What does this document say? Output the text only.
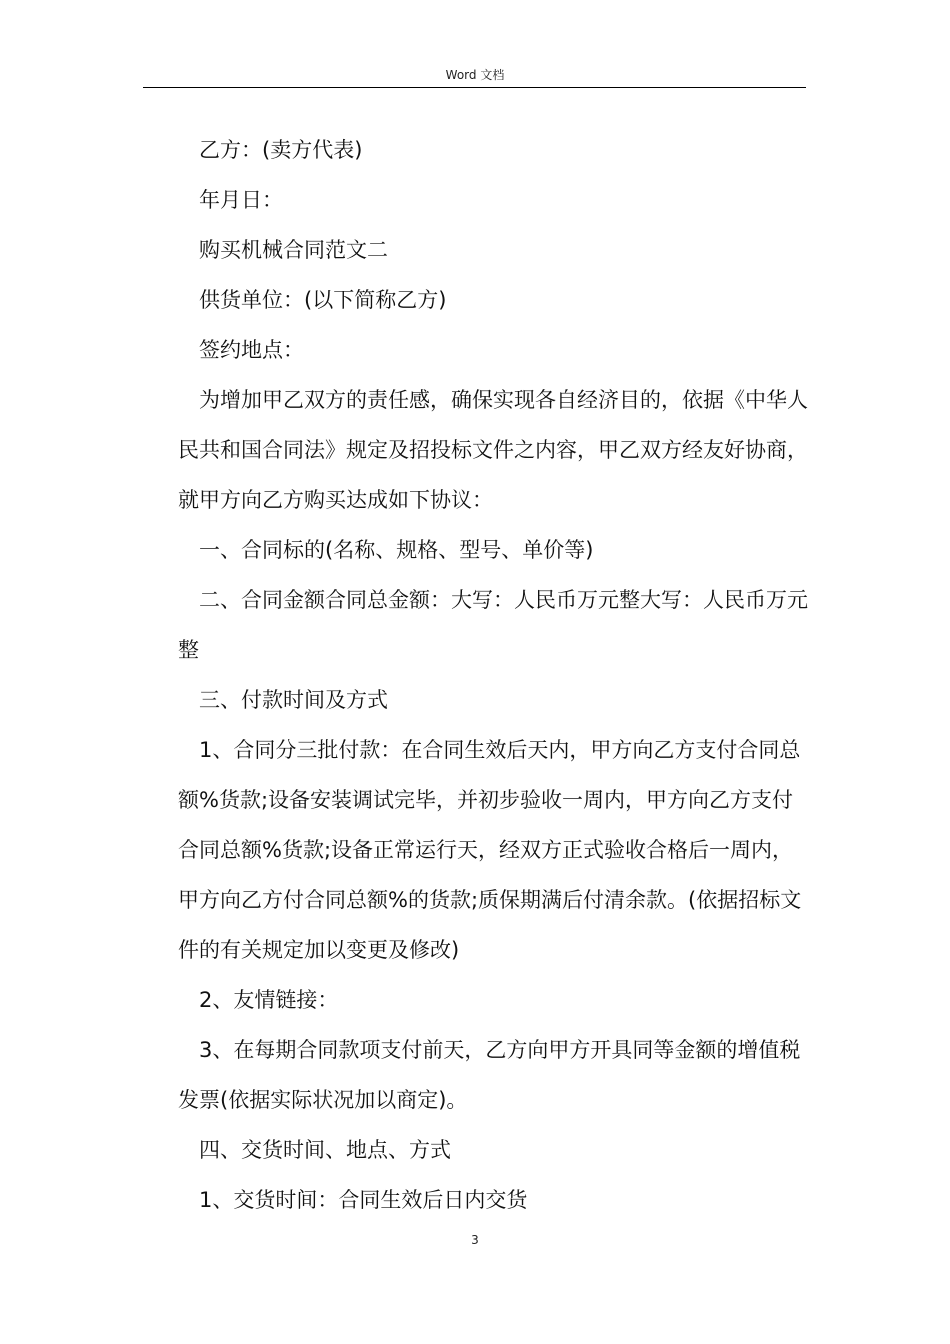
Word 文档

乙方：(卖方代表)

年月日：

购买机械合同范文二

供货单位：(以下简称乙方)

签约地点：

为增加甲乙双方的责任感，确保实现各自经济目的，依据《中华人民共和国合同法》规定及招投标文件之内容，甲乙双方经友好协商，就甲方向乙方购买达成如下协议：

一、合同标的(名称、规格、型号、单价等)

二、合同金额合同总金额：大写：人民币万元整大写：人民币万元整

三、付款时间及方式

1、合同分三批付款：在合同生效后天内，甲方向乙方支付合同总额%货款;设备安装调试完毕，并初步验收一周内，甲方向乙方支付合同总额%货款;设备正常运行天，经双方正式验收合格后一周内，甲方向乙方付合同总额%的货款;质保期满后付清余款。(依据招标文件的有关规定加以变更及修改)

2、友情链接：

3、在每期合同款项支付前天，乙方向甲方开具同等金额的增值税发票(依据实际状况加以商定)。

四、交货时间、地点、方式

1、交货时间：合同生效后日内交货

3
